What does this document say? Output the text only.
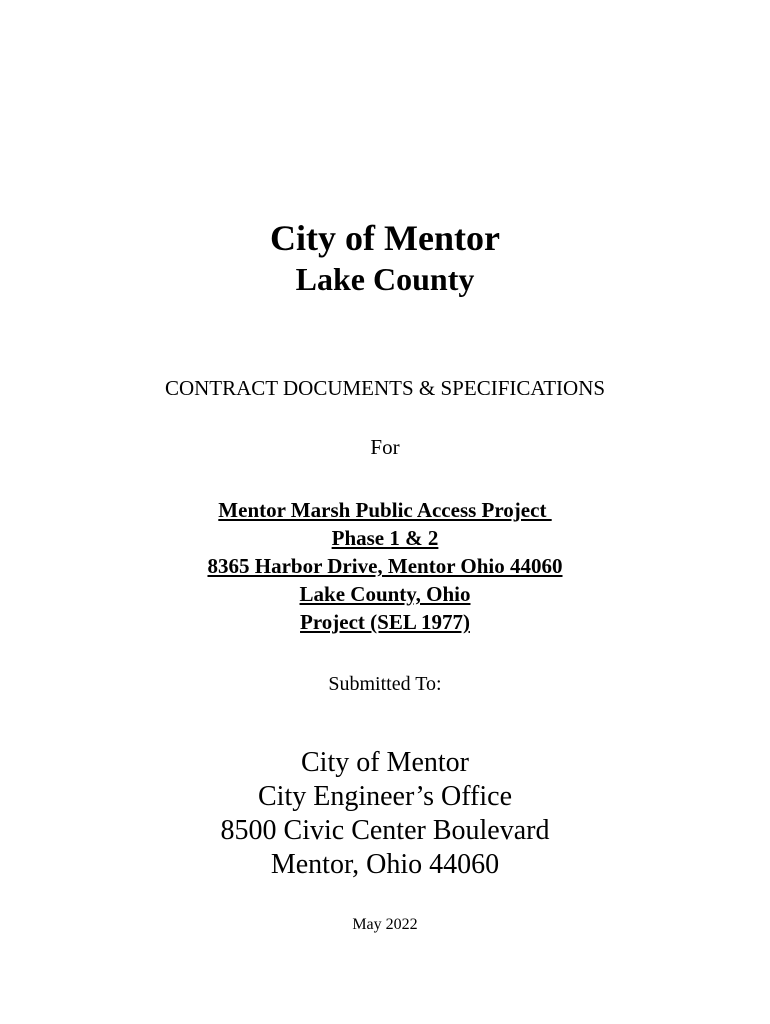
City of Mentor
Lake County
CONTRACT DOCUMENTS & SPECIFICATIONS
For
Mentor Marsh Public Access Project
Phase 1 & 2
8365 Harbor Drive, Mentor Ohio 44060
Lake County, Ohio
Project (SEL 1977)
Submitted To:
City of Mentor
City Engineer’s Office
8500 Civic Center Boulevard
Mentor, Ohio 44060
May 2022
